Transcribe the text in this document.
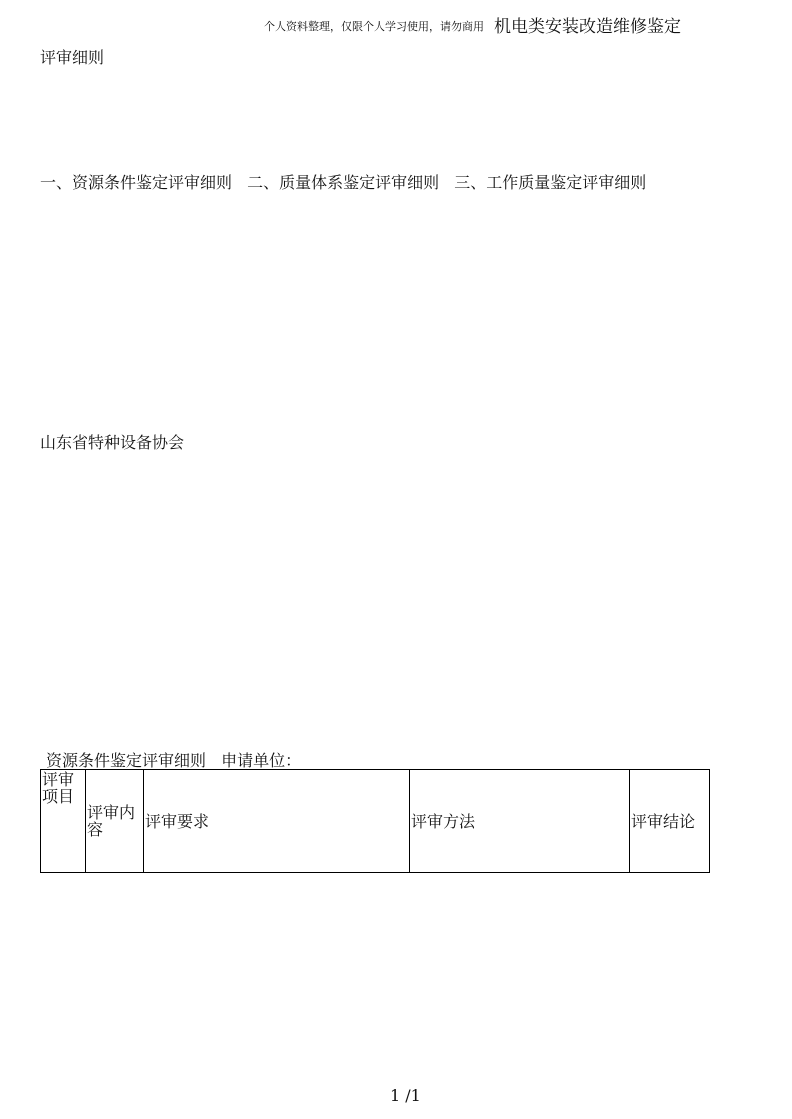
个人资料整理，仅限个人学习使用，请勿商用 机电类安装改造维修鉴定
评审细则
一、资源条件鉴定评审细则 二、质量体系鉴定评审细则 三、工作质量鉴定评审细则
山东省特种设备协会
资源条件鉴定评审细则 申请单位：
评审项目	评审内容	评审要求	评审方法	评审结论
1 /1
